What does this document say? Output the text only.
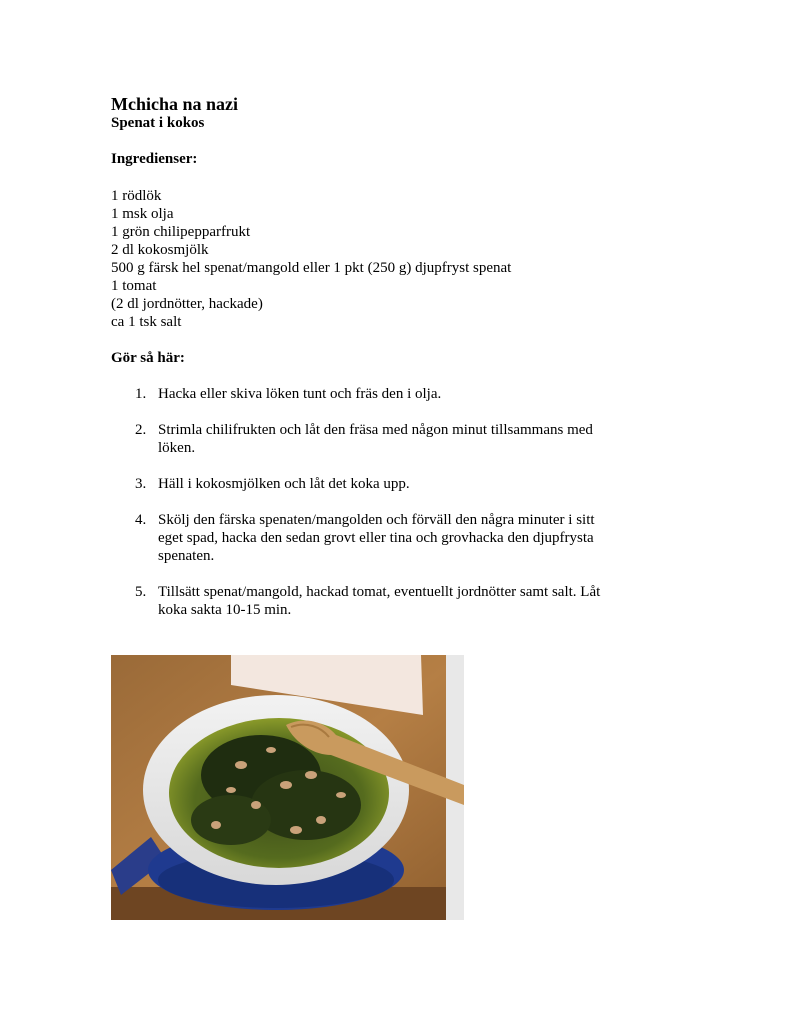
Mchicha na nazi
Spenat i kokos
Ingredienser:
1 rödlök
1 msk olja
1 grön chilipepparfrukt
2 dl kokosmjölk
500 g färsk hel spenat/mangold eller 1 pkt (250 g) djupfryst spenat
1 tomat
(2 dl jordnötter, hackade)
ca 1 tsk salt
Gör så här:
1. Hacka eller skiva löken tunt och fräs den i olja.
2. Strimla chilifrukten och låt den fräsa med någon minut tillsammans med löken.
3. Häll i kokosmjölken och låt det koka upp.
4. Skölj den färska spenaten/mangolden och förväll den några minuter i sitt eget spad, hacka den sedan grovt eller tina och grovhacka den djupfrysta spenaten.
5. Tillsätt spenat/mangold, hackad tomat, eventuellt jordnötter samt salt. Låt koka sakta 10-15 min.
